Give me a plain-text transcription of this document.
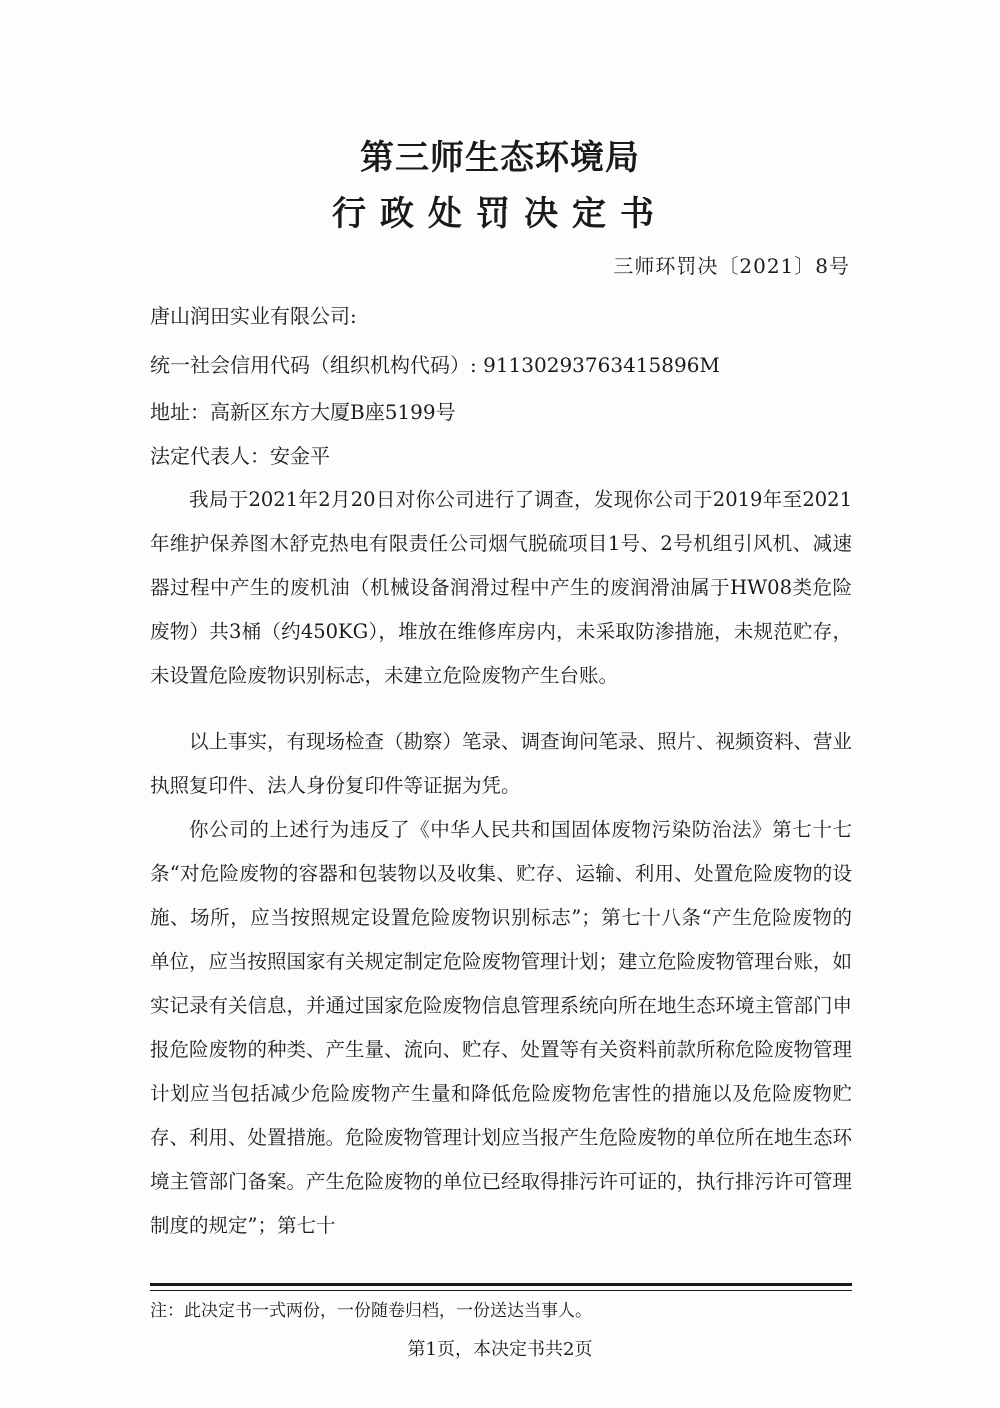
第三师生态环境局
行政处罚决定书
三师环罚决〔2021〕8号
唐山润田实业有限公司:
统一社会信用代码（组织机构代码）: 91130293763415896M
地址：高新区东方大厦B座5199号
法定代表人：安金平

我局于2021年2月20日对你公司进行了调查，发现你公司于2019年至2021年维护保养图木舒克热电有限责任公司烟气脱硫项目1号、2号机组引风机、减速器过程中产生的废机油（机械设备润滑过程中产生的废润滑油属于HW08类危险废物）共3桶（约450KG），堆放在维修库房内，未采取防渗措施，未规范贮存，未设置危险废物识别标志，未建立危险废物产生台账。

以上事实，有现场检查（勘察）笔录、调查询问笔录、照片、视频资料、营业执照复印件、法人身份复印件等证据为凭。

你公司的上述行为违反了《中华人民共和国固体废物污染防治法》第七十七条“对危险废物的容器和包装物以及收集、贮存、运输、利用、处置危险废物的设施、场所，应当按照规定设置危险废物识别标志”；第七十八条“产生危险废物的单位，应当按照国家有关规定制定危险废物管理计划；建立危险废物管理台账，如实记录有关信息，并通过国家危险废物信息管理系统向所在地生态环境主管部门申报危险废物的种类、产生量、流向、贮存、处置等有关资料前款所称危险废物管理计划应当包括减少危险废物产生量和降低危险废物危害性的措施以及危险废物贮存、利用、处置措施。危险废物管理计划应当报产生危险废物的单位所在地生态环境主管部门备案。产生危险废物的单位已经取得排污许可证的，执行排污许可管理制度的规定”；第七十

注：此决定书一式两份，一份随卷归档，一份送达当事人。
第1页，本决定书共2页
